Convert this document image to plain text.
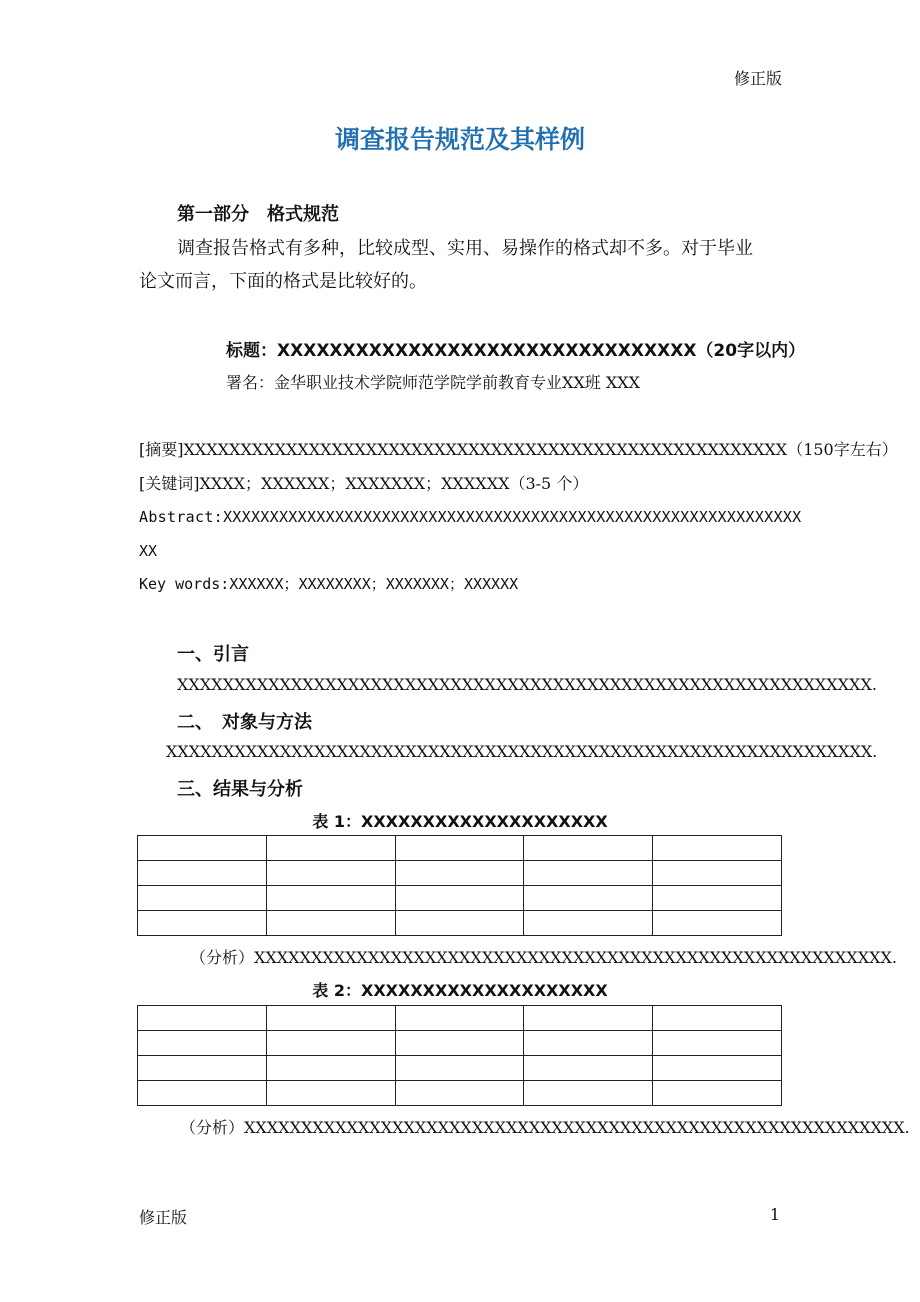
修正版
调查报告规范及其样例
第一部分　格式规范
调查报告格式有多种，比较成型、实用、易操作的格式却不多。对于毕业
论文而言，下面的格式是比较好的。
标题：XXXXXXXXXXXXXXXXXXXXXXXXXXXXXXXX（20字以内）
署名：金华职业技术学院师范学院学前教育专业XX班 XXX
[摘要]XXXXXXXXXXXXXXXXXXXXXXXXXXXXXXXXXXXXXXXXXXXXXXXXXXXXX（150字左右）
[关键词]XXXX；XXXXXX；XXXXXXX；XXXXXX（3-5 个）
Abstract:XXXXXXXXXXXXXXXXXXXXXXXXXXXXXXXXXXXXXXXXXXXXXXXXXXXXXXXXXXXXXX
XX
Key words:XXXXXX；XXXXXXXX；XXXXXXX；XXXXXX
一、引言
XXXXXXXXXXXXXXXXXXXXXXXXXXXXXXXXXXXXXXXXXXXXXXXXXXXXXXXXXXXXX.
二、　对象与方法
XXXXXXXXXXXXXXXXXXXXXXXXXXXXXXXXXXXXXXXXXXXXXXXXXXXXXXXXXXXXXX.
三、结果与分析
表 1：XXXXXXXXXXXXXXXXXXXX

（分析）XXXXXXXXXXXXXXXXXXXXXXXXXXXXXXXXXXXXXXXXXXXXXXXXXXXXXXXX.
表 2：XXXXXXXXXXXXXXXXXXXX

（分析）XXXXXXXXXXXXXXXXXXXXXXXXXXXXXXXXXXXXXXXXXXXXXXXXXXXXXXXXXX.
修正版	1
